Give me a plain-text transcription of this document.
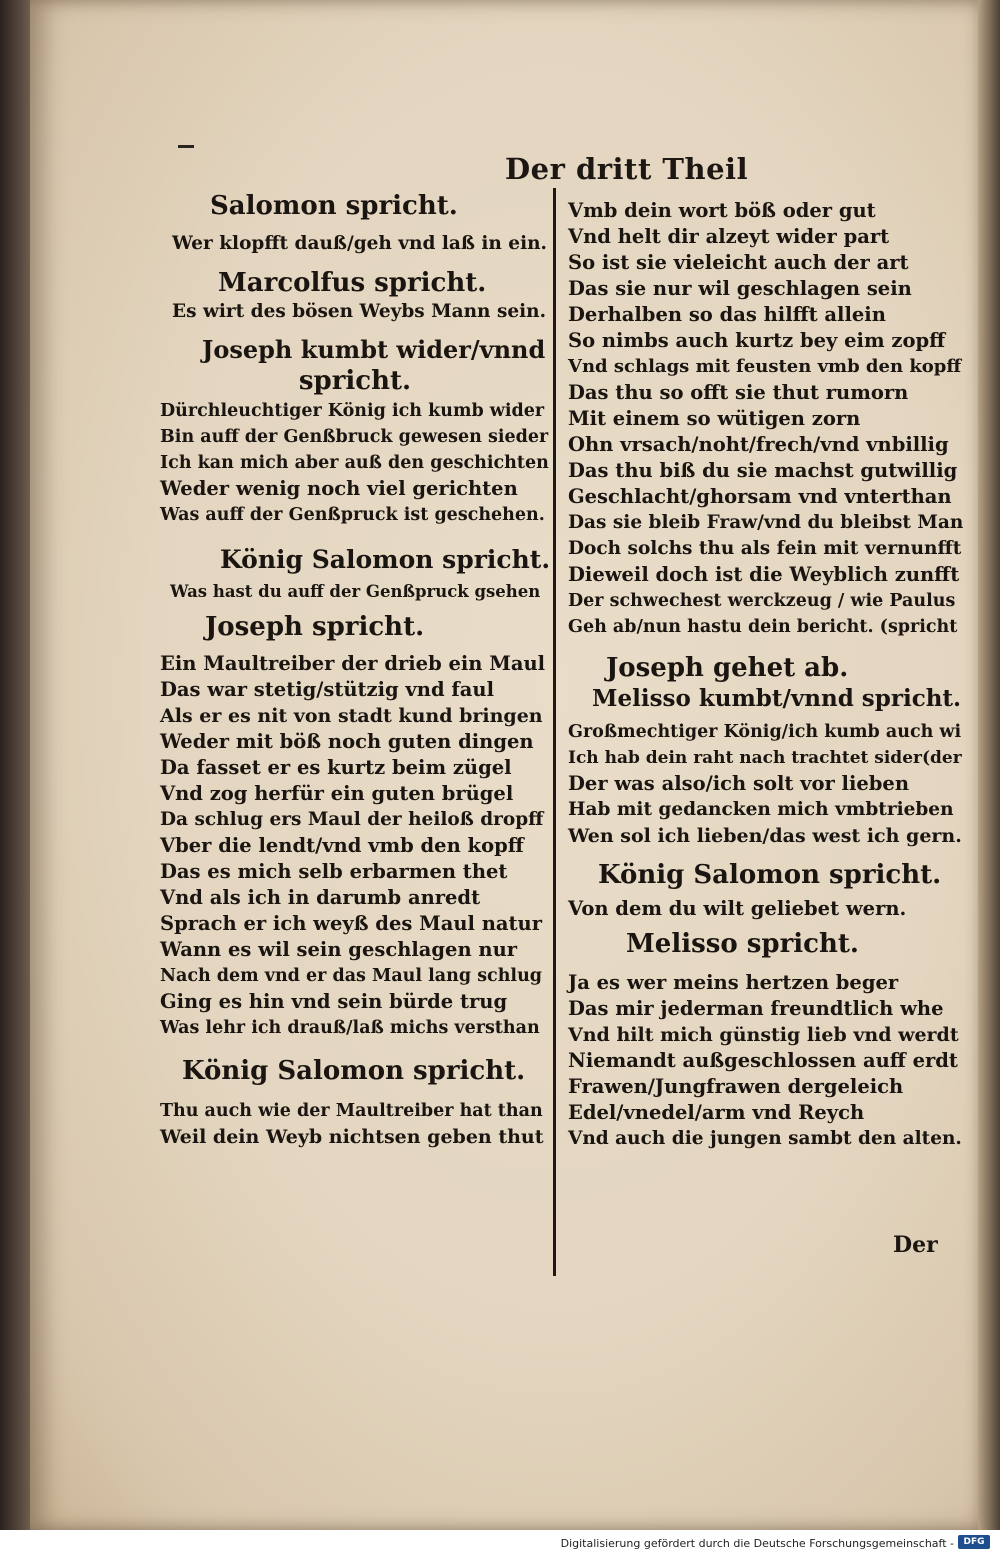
Der dritt Theil

Salomon spricht.

Wer klopfft dauß/geh vnd laß in ein.

Marcolfus spricht.

Es wirt des bösen Weybs Mann sein.

Joseph kumbt wider/vnnd

spricht.

Dürchleuchtiger König ich kumb wider

Bin auff der Genßbruck gewesen sieder

Ich kan mich aber auß den geschichten

Weder wenig noch viel gerichten

Was auff der Genßpruck ist geschehen.

König Salomon spricht.

Was hast du auff der Genßpruck gsehen

Joseph spricht.

Ein Maultreiber der drieb ein Maul

Das war stetig/stützig vnd faul

Als er es nit von stadt kund bringen

Weder mit böß noch guten dingen

Da fasset er es kurtz beim zügel

Vnd zog herfür ein guten brügel

Da schlug ers Maul der heiloß dropff

Vber die lendt/vnd vmb den kopff

Das es mich selb erbarmen thet

Vnd als ich in darumb anredt

Sprach er ich weyß des Maul natur

Wann es wil sein geschlagen nur

Nach dem vnd er das Maul lang schlug

Ging es hin vnd sein bürde trug

Was lehr ich drauß/laß michs versthan

König Salomon spricht.

Thu auch wie der Maultreiber hat than

Weil dein Weyb nichtsen geben thut

Vmb dein wort böß oder gut

Vnd helt dir alzeyt wider part

So ist sie vieleicht auch der art

Das sie nur wil geschlagen sein

Derhalben so das hilfft allein

So nimbs auch kurtz bey eim zopff

Vnd schlags mit feusten vmb den kopff

Das thu so offt sie thut rumorn

Mit einem so wütigen zorn

Ohn vrsach/noht/frech/vnd vnbillig

Das thu biß du sie machst gutwillig

Geschlacht/ghorsam vnd vnterthan

Das sie bleib Fraw/vnd du bleibst Man

Doch solchs thu als fein mit vernunfft

Dieweil doch ist die Weyblich zunfft

Der schwechest werckzeug / wie Paulus

Geh ab/nun hastu dein bericht. (spricht

Joseph gehet ab.

Melisso kumbt/vnnd spricht.

Großmechtiger König/ich kumb auch wi

Ich hab dein raht nach trachtet sider(der

Der was also/ich solt vor lieben

Hab mit gedancken mich vmbtrieben

Wen sol ich lieben/das west ich gern.

König Salomon spricht.

Von dem du wilt geliebet wern.

Melisso spricht.

Ja es wer meins hertzen beger

Das mir jederman freundtlich whe

Vnd hilt mich günstig lieb vnd werdt

Niemandt außgeschlossen auff erdt

Frawen/Jungfrawen dergeleich

Edel/vnedel/arm vnd Reych

Vnd auch die jungen sambt den alten.

Der
Digitalisierung gefördert durch die Deutsche Forschungsgemeinschaft -	DFG
